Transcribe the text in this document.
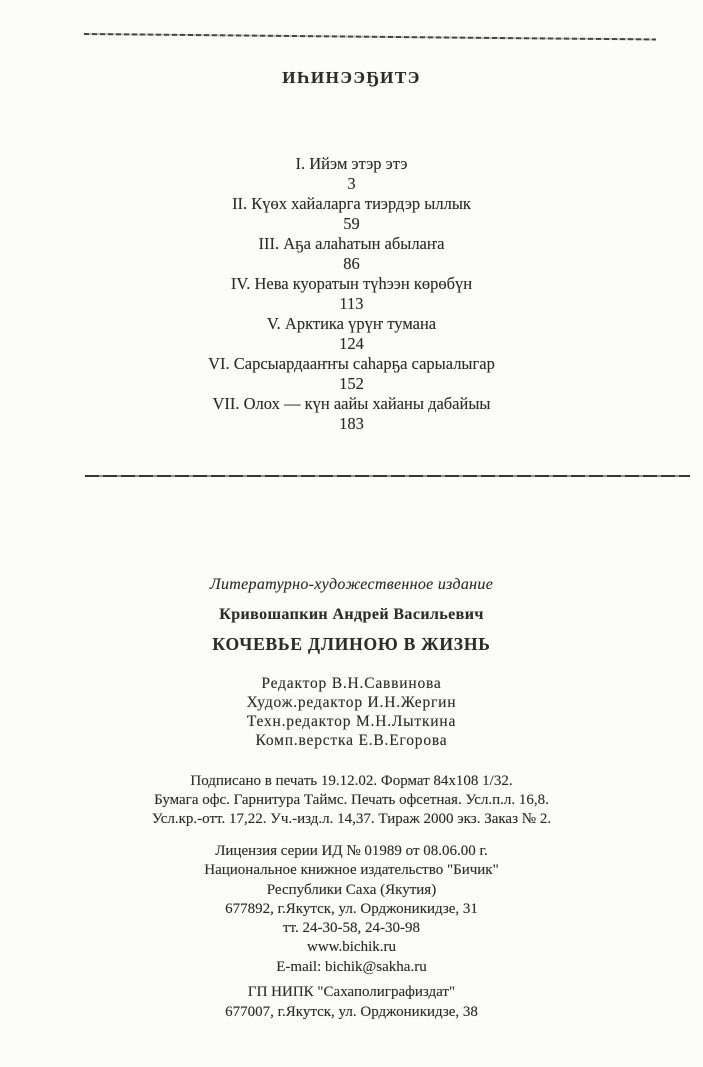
ИҺИНЭЭҔИТЭ
I. Ийэм этэр этэ
3
II. Күөх хайаларга тиэрдэр ыллык
59
III. Аҕа алаһатын абылаҥа
86
IV. Нева куоратын түһээн көрөбүн
113
V. Арктика үрүҥ тумана
124
VI. Сарсыардааҥҥы саһарҕа сарыалыгар
152
VII. Олох — күн аайы хайаны дабайыы
183
Литературно-художественное издание
Кривошапкин Андрей Васильевич
КОЧЕВЬЕ ДЛИНОЮ В ЖИЗНЬ
Редактор В.Н.Саввинова
Худож.редактор И.Н.Жергин
Техн.редактор М.Н.Лыткина
Комп.верстка Е.В.Егорова
Подписано в печать 19.12.02. Формат 84x108 1/32.
Бумага офс. Гарнитура Таймс. Печать офсетная. Усл.п.л. 16,8.
Усл.кр.-отт. 17,22. Уч.-изд.л. 14,37. Тираж 2000 экз. Заказ № 2.
Лицензия серии ИД № 01989 от 08.06.00 г.
Национальное книжное издательство "Бичик"
Республики Саха (Якутия)
677892, г.Якутск, ул. Орджоникидзе, 31
тт. 24-30-58, 24-30-98
www.bichik.ru
E-mail: bichik@sakha.ru
ГП НИПК "Сахаполиграфиздат"
677007, г.Якутск, ул. Орджоникидзе, 38
